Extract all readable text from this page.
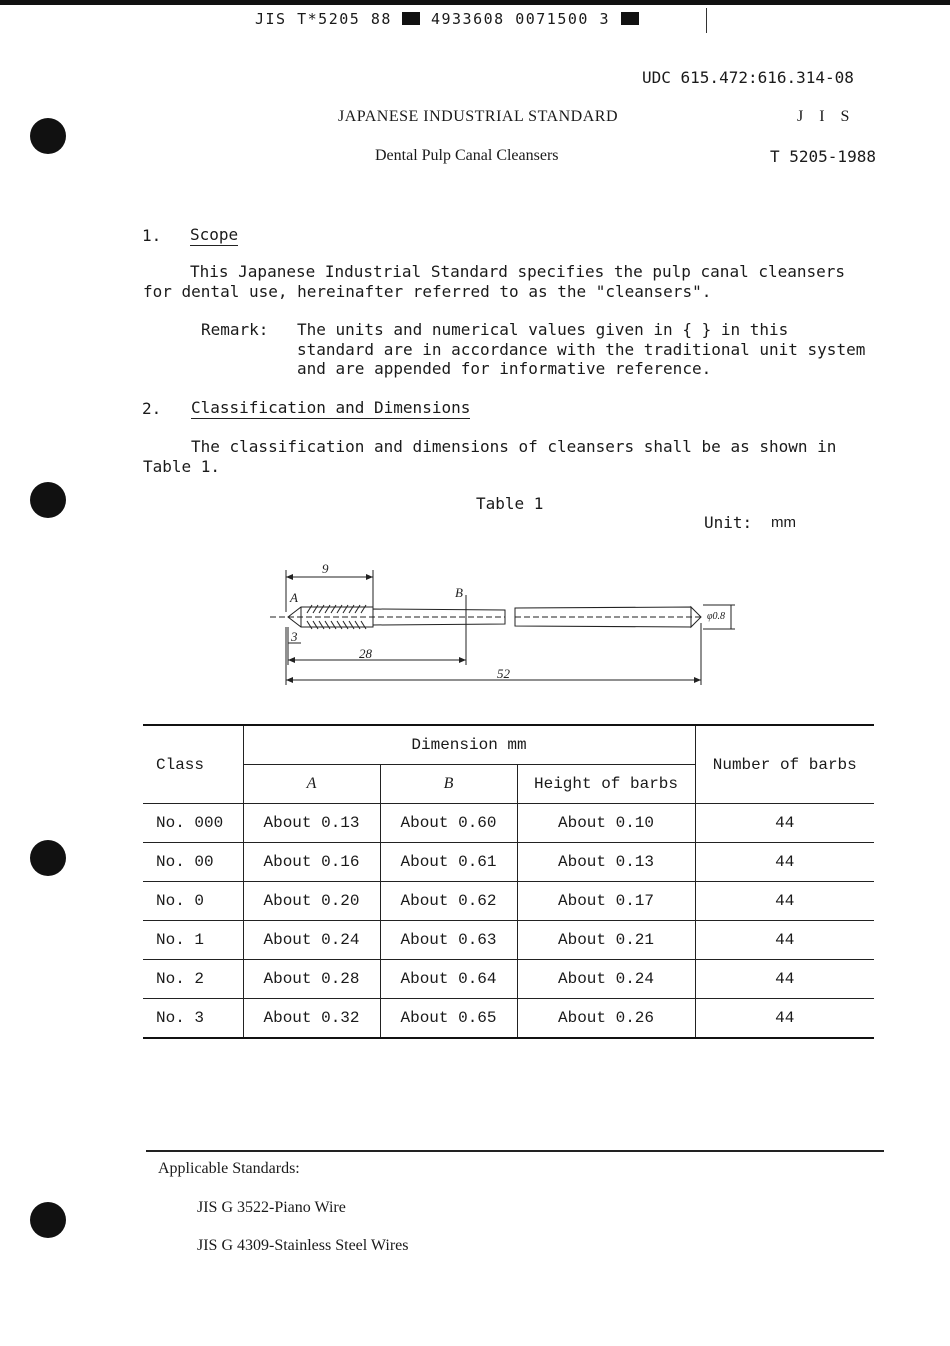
JIS T*5205 88	4933608 0071500 3
UDC 615.472:616.314-08
JAPANESE INDUSTRIAL STANDARD	J I S
Dental Pulp Canal Cleansers	T 5205-1988
1. Scope
This Japanese Industrial Standard specifies the pulp canal cleansers
for dental use, hereinafter referred to as the "cleansers".
Remark: The units and numerical values given in { } in this
standard are in accordance with the traditional unit system
and are appended for informative reference.
2. Classification and Dimensions
The classification and dimensions of cleansers shall be as shown in
Table 1.
Table 1
Unit: mm
9
3
28
52
A	B
φ0.8
Class	Dimension mm			Number of barbs
	A	B	Height of barbs	
No. 000	About 0.13	About 0.60	About 0.10	44
No. 00	About 0.16	About 0.61	About 0.13	44
No. 0	About 0.20	About 0.62	About 0.17	44
No. 1	About 0.24	About 0.63	About 0.21	44
No. 2	About 0.28	About 0.64	About 0.24	44
No. 3	About 0.32	About 0.65	About 0.26	44
Applicable Standards:
JIS G 3522-Piano Wire
JIS G 4309-Stainless Steel Wires
